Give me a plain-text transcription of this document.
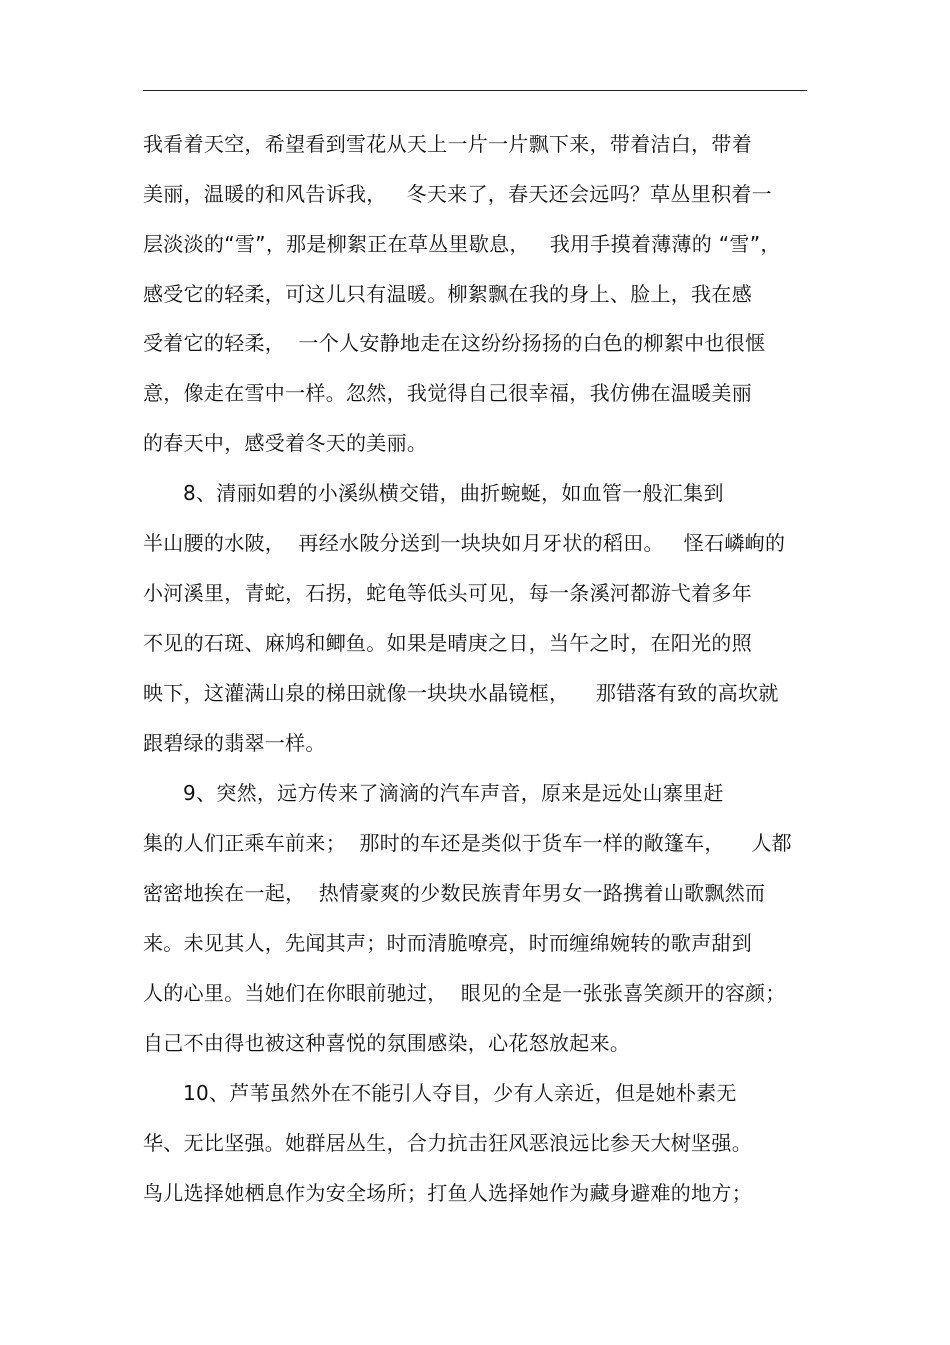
我看着天空，希望看到雪花从天上一片一片飘下来，带着洁白，带着
美丽，温暖的和风告诉我，   冬天来了，春天还会远吗？草丛里积着一
层淡淡的“雪”，那是柳絮正在草丛里歇息，   我用手摸着薄薄的 “雪”，
感受它的轻柔，可这儿只有温暖。柳絮飘在我的身上、脸上，我在感
受着它的轻柔，  一个人安静地走在这纷纷扬扬的白色的柳絮中也很惬
意，像走在雪中一样。忽然，我觉得自己很幸福，我仿佛在温暖美丽
的春天中，感受着冬天的美丽。
8、清丽如碧的小溪纵横交错，曲折蜿蜒，如血管一般汇集到
半山腰的水陂，  再经水陂分送到一块块如月牙状的稻田。   怪石嶙峋的
小河溪里，青蛇，石拐，蛇龟等低头可见，每一条溪河都游弋着多年
不见的石斑、麻鸠和鲫鱼。如果是晴庚之日，当午之时，在阳光的照
映下，这灌满山泉的梯田就像一块块水晶镜框，    那错落有致的高坎就
跟碧绿的翡翠一样。
9、突然，远方传来了滴滴的汽车声音，原来是远处山寨里赶
集的人们正乘车前来；  那时的车还是类似于货车一样的敞篷车，    人都
密密地挨在一起，  热情豪爽的少数民族青年男女一路携着山歌飘然而
来。未见其人，先闻其声；时而清脆嘹亮，时而缠绵婉转的歌声甜到
人的心里。当她们在你眼前驰过，  眼见的全是一张张喜笑颜开的容颜；
自己不由得也被这种喜悦的氛围感染，心花怒放起来。
10、芦苇虽然外在不能引人夺目，少有人亲近，但是她朴素无
华、无比坚强。她群居丛生，合力抗击狂风恶浪远比参天大树坚强。
鸟儿选择她栖息作为安全场所；打鱼人选择她作为藏身避难的地方；
